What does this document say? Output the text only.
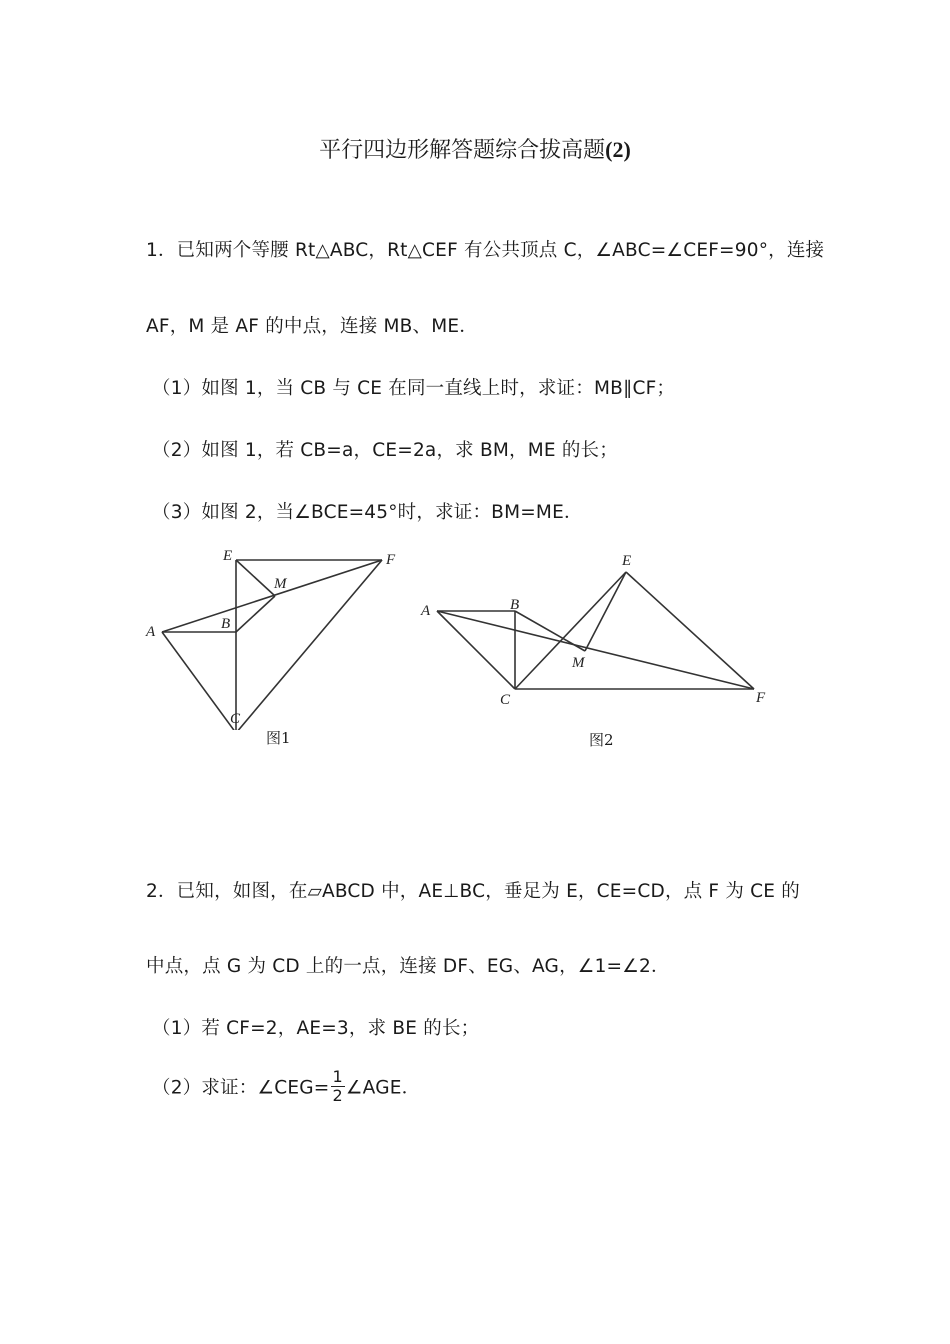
平行四边形解答题综合拔高题(2)
1．已知两个等腰 Rt△ABC，Rt△CEF 有公共顶点 C，∠ABC=∠CEF=90°，连接
AF，M 是 AF 的中点，连接 MB、ME．
（1）如图 1，当 CB 与 CE 在同一直线上时，求证：MB∥CF；
（2）如图 1，若 CB=a，CE=2a，求 BM，ME 的长；
（3）如图 2，当∠BCE=45°时，求证：BM=ME．
E	F
M
A	B
C
图1
A	B
E
M
C	F
图2
2．已知，如图，在▱ABCD 中，AE⊥BC，垂足为 E，CE=CD，点 F 为 CE 的
中点，点 G 为 CD 上的一点，连接 DF、EG、AG，∠1=∠2．
（1）若 CF=2，AE=3，求 BE 的长；
（2）求证：∠CEG= $\frac{1}{2}$ ∠AGE．
